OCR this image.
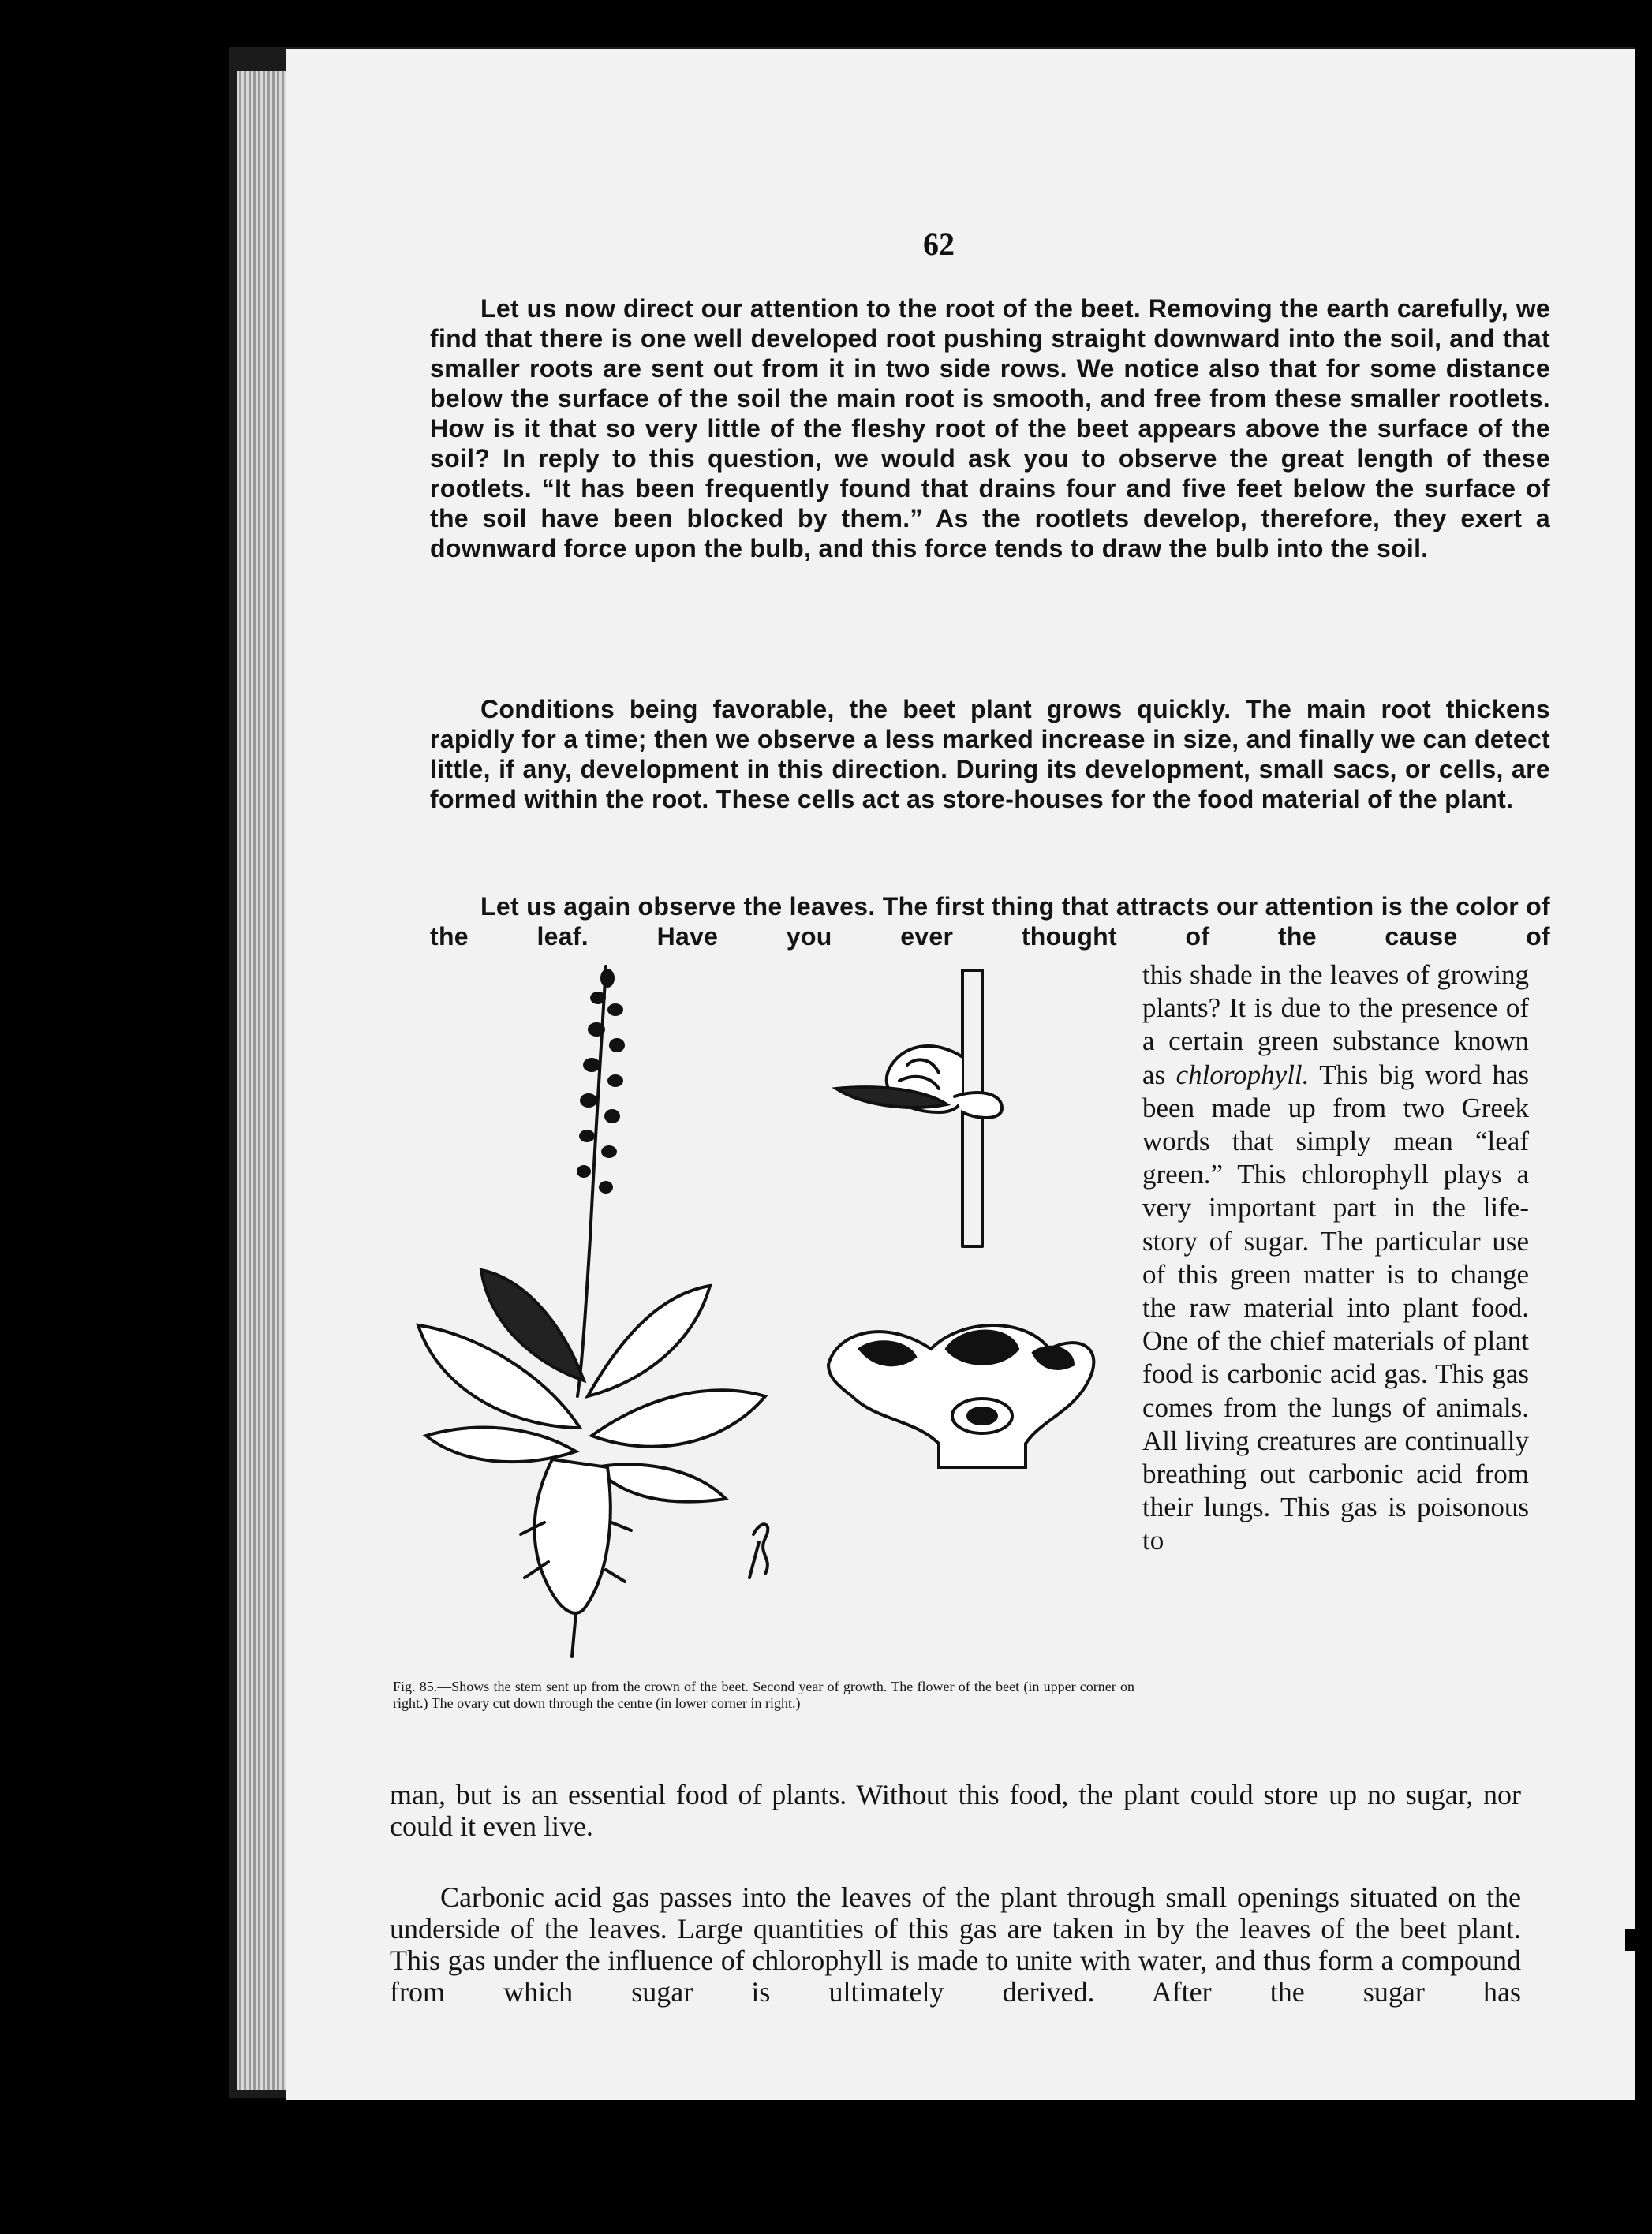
62

Let us now direct our attention to the root of the beet. Removing the earth carefully, we find that there is one well developed root pushing straight downward into the soil, and that smaller roots are sent out from it in two side rows. We notice also that for some distance below the surface of the soil the main root is smooth, and free from these smaller rootlets. How is it that so very little of the fleshy root of the beet appears above the surface of the soil? In reply to this question, we would ask you to observe the great length of these rootlets. “It has been frequently found that drains four and five feet below the surface of the soil have been blocked by them.” As the rootlets develop, therefore, they exert a downward force upon the bulb, and this force tends to draw the bulb into the soil.

Conditions being favorable, the beet plant grows quickly. The main root thickens rapidly for a time; then we observe a less marked increase in size, and finally we can detect little, if any, development in this direction. During its development, small sacs, or cells, are formed within the root. These cells act as store-houses for the food material of the plant.

Let us again observe the leaves. The first thing that attracts our attention is the color of the leaf. Have you ever thought of the cause of

this shade in the leaves of growing plants? It is due to the presence of a certain green substance known as chlorophyll. This big word has been made up from two Greek words that simply mean “leaf green.” This chlorophyll plays a very important part in the life-story of sugar. The particular use of this green matter is to change the raw material into plant food. One of the chief materials of plant food is carbonic acid gas. This gas comes from the lungs of animals. All living creatures are continually breathing out carbonic acid from their lungs. This gas is poisonous to

Fig. 85.—Shows the stem sent up from the crown of the beet. Second year of growth. The flower of the beet (in upper corner on right.) The ovary cut down through the centre (in lower corner in right.)

man, but is an essential food of plants. Without this food, the plant could store up no sugar, nor could it even live.

Carbonic acid gas passes into the leaves of the plant through small openings situated on the underside of the leaves. Large quantities of this gas are taken in by the leaves of the beet plant. This gas under the influence of chlorophyll is made to unite with water, and thus form a compound from which sugar is ultimately derived. After the sugar has
